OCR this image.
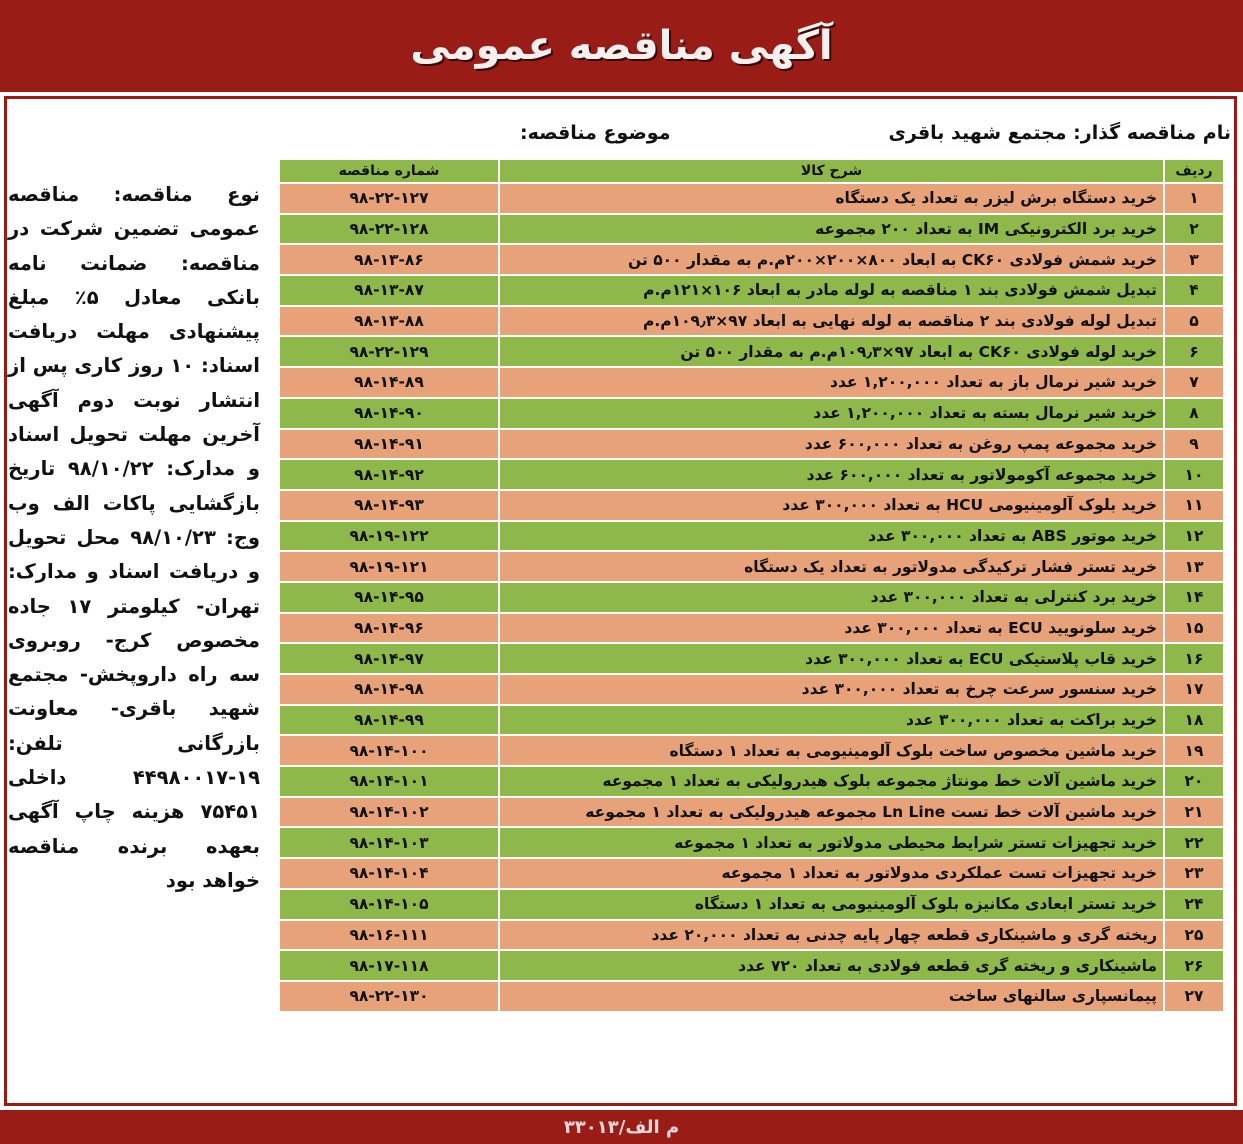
آگهی مناقصه عمومی
نام مناقصه گذار: مجتمع شهید باقری
موضوع مناقصه:
ردیف	شرح کالا	شماره مناقصه
۱	خرید دستگاه برش لیزر به تعداد یک دستگاه	۹۸-۲۲-۱۲۷
۲	خرید برد الکترونیکی IM به تعداد ۲۰۰ مجموعه	۹۸-۲۲-۱۲۸
۳	خرید شمش فولادی CK۶۰ به ابعاد ۸۰۰×۲۰۰×۲۰۰م.م به مقدار ۵۰۰ تن	۹۸-۱۳-۸۶
۴	تبدیل شمش فولادی بند ۱ مناقصه به لوله مادر به ابعاد ۱۰۶×۱۲۱م.م	۹۸-۱۳-۸۷
۵	تبدیل لوله فولادی بند ۲ مناقصه به لوله نهایی به ابعاد ۹۷×۱۰۹٫۳م.م	۹۸-۱۳-۸۸
۶	خرید لوله فولادی CK۶۰ به ابعاد ۹۷×۱۰۹٫۳م.م به مقدار ۵۰۰ تن	۹۸-۲۲-۱۲۹
۷	خرید شیر نرمال باز به تعداد ۱,۲۰۰,۰۰۰ عدد	۹۸-۱۴-۸۹
۸	خرید شیر نرمال بسته به تعداد ۱,۲۰۰,۰۰۰ عدد	۹۸-۱۴-۹۰
۹	خرید مجموعه پمپ روغن به تعداد ۶۰۰,۰۰۰ عدد	۹۸-۱۴-۹۱
۱۰	خرید مجموعه آکومولاتور به تعداد ۶۰۰,۰۰۰ عدد	۹۸-۱۴-۹۲
۱۱	خرید بلوک آلومینیومی HCU به تعداد ۳۰۰,۰۰۰ عدد	۹۸-۱۴-۹۳
۱۲	خرید موتور ABS به تعداد ۳۰۰,۰۰۰ عدد	۹۸-۱۹-۱۲۲
۱۳	خرید تستر فشار ترکیدگی مدولاتور به تعداد یک دستگاه	۹۸-۱۹-۱۲۱
۱۴	خرید برد کنترلی به تعداد ۳۰۰,۰۰۰ عدد	۹۸-۱۴-۹۵
۱۵	خرید سلونویید ECU به تعداد ۳۰۰,۰۰۰ عدد	۹۸-۱۴-۹۶
۱۶	خرید قاب پلاستیکی ECU به تعداد ۳۰۰,۰۰۰ عدد	۹۸-۱۴-۹۷
۱۷	خرید سنسور سرعت چرخ به تعداد ۳۰۰,۰۰۰ عدد	۹۸-۱۴-۹۸
۱۸	خرید براکت به تعداد ۳۰۰,۰۰۰ عدد	۹۸-۱۴-۹۹
۱۹	خرید ماشین مخصوص ساخت بلوک آلومینیومی به تعداد ۱ دستگاه	۹۸-۱۴-۱۰۰
۲۰	خرید ماشین آلات خط مونتاژ مجموعه بلوک هیدرولیکی به تعداد ۱ مجموعه	۹۸-۱۴-۱۰۱
۲۱	خرید ماشین آلات خط تست Ln Line مجموعه هیدرولیکی به تعداد ۱ مجموعه	۹۸-۱۴-۱۰۲
۲۲	خرید تجهیزات تستر شرایط محیطی مدولاتور به تعداد ۱ مجموعه	۹۸-۱۴-۱۰۳
۲۳	خرید تجهیزات تست عملکردی مدولاتور به تعداد ۱ مجموعه	۹۸-۱۴-۱۰۴
۲۴	خرید تستر ابعادی مکانیزه بلوک آلومینیومی به تعداد ۱ دستگاه	۹۸-۱۴-۱۰۵
۲۵	ریخته گری و ماشینکاری قطعه چهار پایه چدنی به تعداد ۲۰,۰۰۰ عدد	۹۸-۱۶-۱۱۱
۲۶	ماشینکاری و ریخته گری قطعه فولادی به تعداد ۷۲۰ عدد	۹۸-۱۷-۱۱۸
۲۷	پیمانسپاری سالنهای ساخت	۹۸-۲۲-۱۳۰
نوع مناقصه: مناقصه عمومی تضمین شرکت در مناقصه: ضمانت نامه بانکی معادل ۵٪ مبلغ پیشنهادی مهلت دریافت اسناد: ۱۰ روز کاری پس از انتشار نوبت دوم آگهی آخرین مهلت تحویل اسناد و مدارک: ۹۸/۱۰/۲۲ تاریخ بازگشایی پاکات الف وب وج: ۹۸/۱۰/۲۳ محل تحویل و دریافت اسناد و مدارک: تهران- کیلومتر ۱۷ جاده مخصوص کرج- روبروی سه راه داروپخش- مجتمع شهید باقری- معاونت بازرگانی تلفن: ۱۹-۴۴۹۸۰۰۱۷ داخلی ۷۵۴۵۱ هزینه چاپ آگهی بعهده برنده مناقصه خواهد بود
م الف/۳۳۰۱۳
